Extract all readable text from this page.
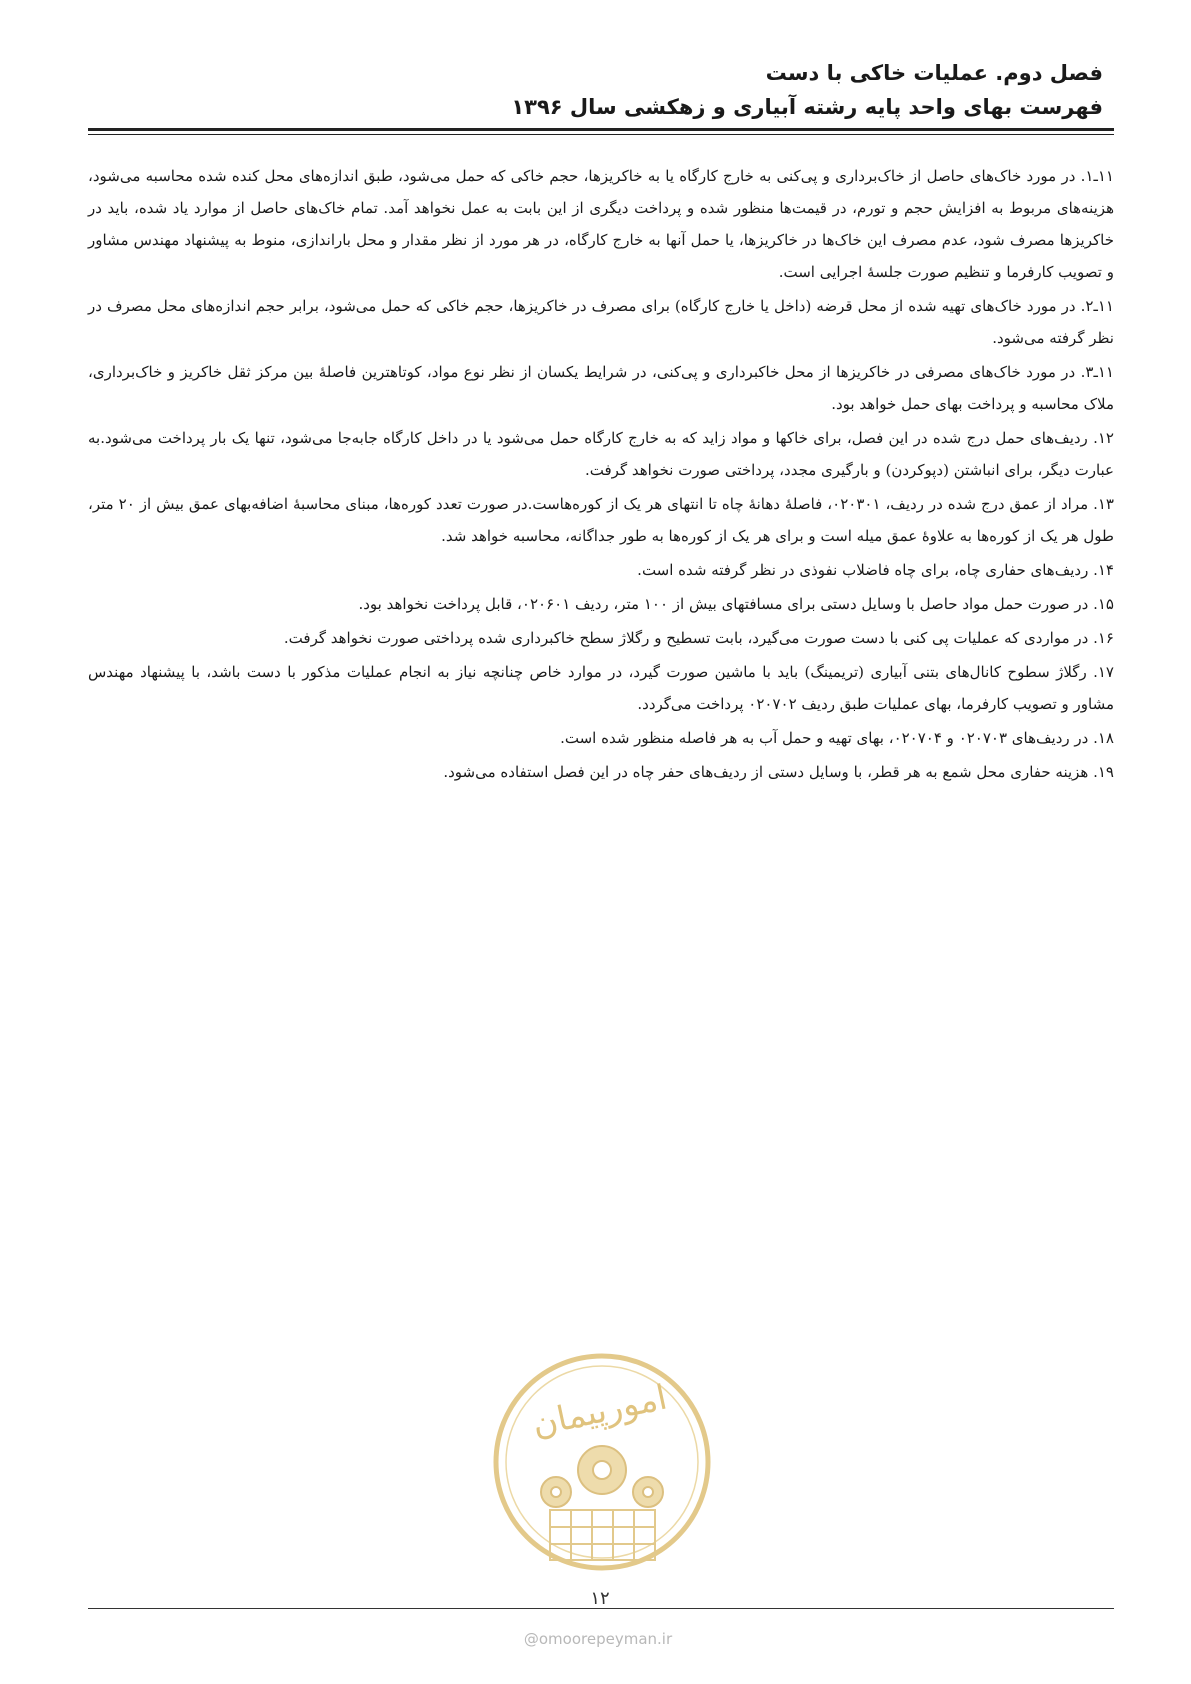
فصل دوم. عملیات خاکی با دست
فهرست بهای واحد پایه رشته آبیاری و زهکشی سال ۱۳۹۶

۱۱ـ۱. در مورد خاک‌های حاصل از خاک‌برداری و پی‌کنی به خارج کارگاه یا به خاکریزها، حجم خاکی که حمل می‌شود، طبق اندازه‌های محل کنده شده محاسبه می‌شود، هزینه‌های مربوط به افزایش حجم و تورم، در قیمت‌ها منظور شده و پرداخت دیگری از این بابت به عمل نخواهد آمد. تمام خاک‌های حاصل از موارد یاد شده، باید در خاکریزها مصرف شود، عدم مصرف این خاک‌ها در خاکریزها، یا حمل آنها به خارج کارگاه، در هر مورد از نظر مقدار و محل باراندازی، منوط به پیشنهاد مهندس مشاور و تصویب کارفرما و تنظیم صورت جلسهٔ اجرایی است.

۱۱ـ۲. در مورد خاک‌های تهیه شده از محل قرضه (داخل یا خارج کارگاه) برای مصرف در خاکریزها، حجم خاکی که حمل می‌شود، برابر حجم اندازه‌های محل مصرف در نظر گرفته می‌شود.

۱۱ـ۳. در مورد خاک‌های مصرفی در خاکریزها از محل خاکبرداری و پی‌کنی، در شرایط یکسان از نظر نوع مواد، کوتاهترین فاصلهٔ بین مرکز ثقل خاکریز و خاک‌برداری، ملاک محاسبه و پرداخت بهای حمل خواهد بود.

۱۲. ردیف‌های حمل درج شده در این فصل، برای خاکها و مواد زاید که به خارج کارگاه حمل می‌شود یا در داخل کارگاه جابه‌جا می‌شود، تنها یک بار پرداخت می‌شود.به عبارت دیگر، برای انباشتن (دپوکردن) و بارگیری مجدد، پرداختی صورت نخواهد گرفت.

۱۳. مراد از عمق درج شده در ردیف، ۰۲۰۳۰۱، فاصلهٔ دهانهٔ چاه تا انتهای هر یک از کوره‌هاست.در صورت تعدد کوره‌ها، مبنای محاسبهٔ اضافه‌بهای عمق بیش از ۲۰ متر، طول هر یک از کوره‌ها به علاوهٔ عمق میله است و برای هر یک از کوره‌ها به طور جداگانه، محاسبه خواهد شد.

۱۴. ردیف‌های حفاری چاه، برای چاه فاضلاب نفوذی در نظر گرفته شده است.

۱۵. در صورت حمل مواد حاصل با وسایل دستی برای مسافتهای بیش از ۱۰۰ متر، ردیف ۰۲۰۶۰۱، قابل پرداخت نخواهد بود.

۱۶. در مواردی که عملیات پی کنی با دست صورت می‌گیرد، بابت تسطیح و رگلاژ سطح خاکبرداری شده پرداختی صورت نخواهد گرفت.

۱۷. رگلاژ سطوح کانال‌های بتنی آبیاری (تریمینگ) باید با ماشین صورت گیرد، در موارد خاص چنانچه نیاز به انجام عملیات مذکور با دست باشد، با پیشنهاد مهندس مشاور و تصویب کارفرما، بهای عملیات طبق ردیف ۰۲۰۷۰۲ پرداخت می‌گردد.

۱۸. در ردیف‌های ۰۲۰۷۰۳ و ۰۲۰۷۰۴، بهای تهیه و حمل آب به هر فاصله منظور شده است.

۱۹. هزینه حفاری محل شمع به هر قطر، با وسایل دستی از ردیف‌های حفر چاه در این فصل استفاده می‌شود.

امورپیمان
۱۲
@omoorepeyman.ir
